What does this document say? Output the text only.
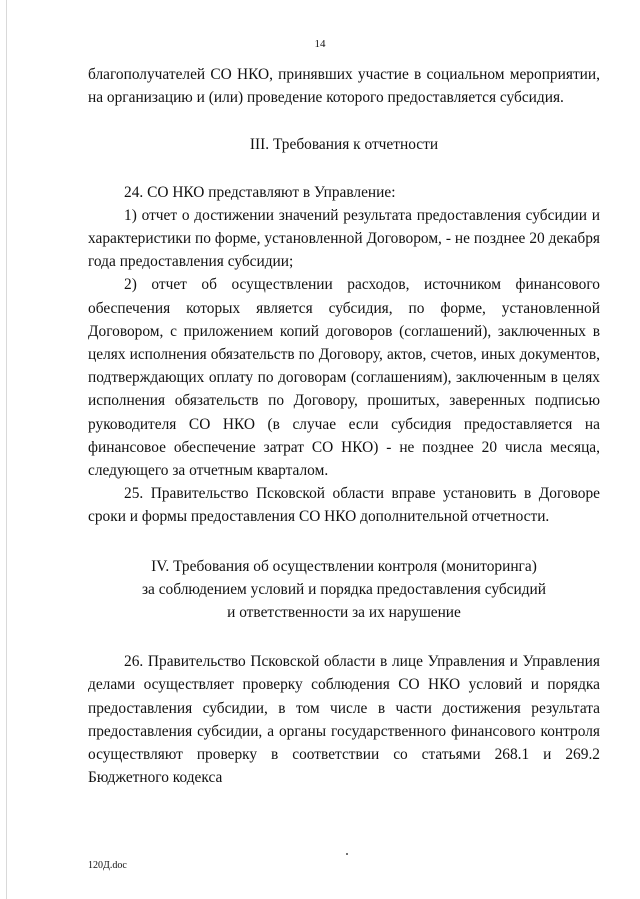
14

благополучателей СО НКО, принявших участие в социальном мероприятии, на организацию и (или) проведение которого предоставляется субсидия.

III. Требования к отчетности

24. СО НКО представляют в Управление:

1) отчет о достижении значений результата предоставления субсидии и характеристики по форме, установленной Договором, - не позднее 20 декабря года предоставления субсидии;

2) отчет об осуществлении расходов, источником финансового обеспечения которых является субсидия, по форме, установленной Договором, с приложением копий договоров (соглашений), заключенных в целях исполнения обязательств по Договору, актов, счетов, иных документов, подтверждающих оплату по договорам (соглашениям), заключенным в целях исполнения обязательств по Договору, прошитых, заверенных подписью руководителя СО НКО (в случае если субсидия предоставляется на финансовое обеспечение затрат СО НКО) - не позднее 20 числа месяца, следующего за отчетным кварталом.

25. Правительство Псковской области вправе установить в Договоре сроки и формы предоставления СО НКО дополнительной отчетности.

IV. Требования об осуществлении контроля (мониторинга)

за соблюдением условий и порядка предоставления субсидий

и ответственности за их нарушение

26. Правительство Псковской области в лице Управления и Управления делами осуществляет проверку соблюдения СО НКО условий и порядка предоставления субсидии, в том числе в части достижения результата предоставления субсидии, а органы государственного финансового контроля осуществляют проверку в соответствии со статьями 268.1 и 269.2 Бюджетного кодекса

120Д.doc
